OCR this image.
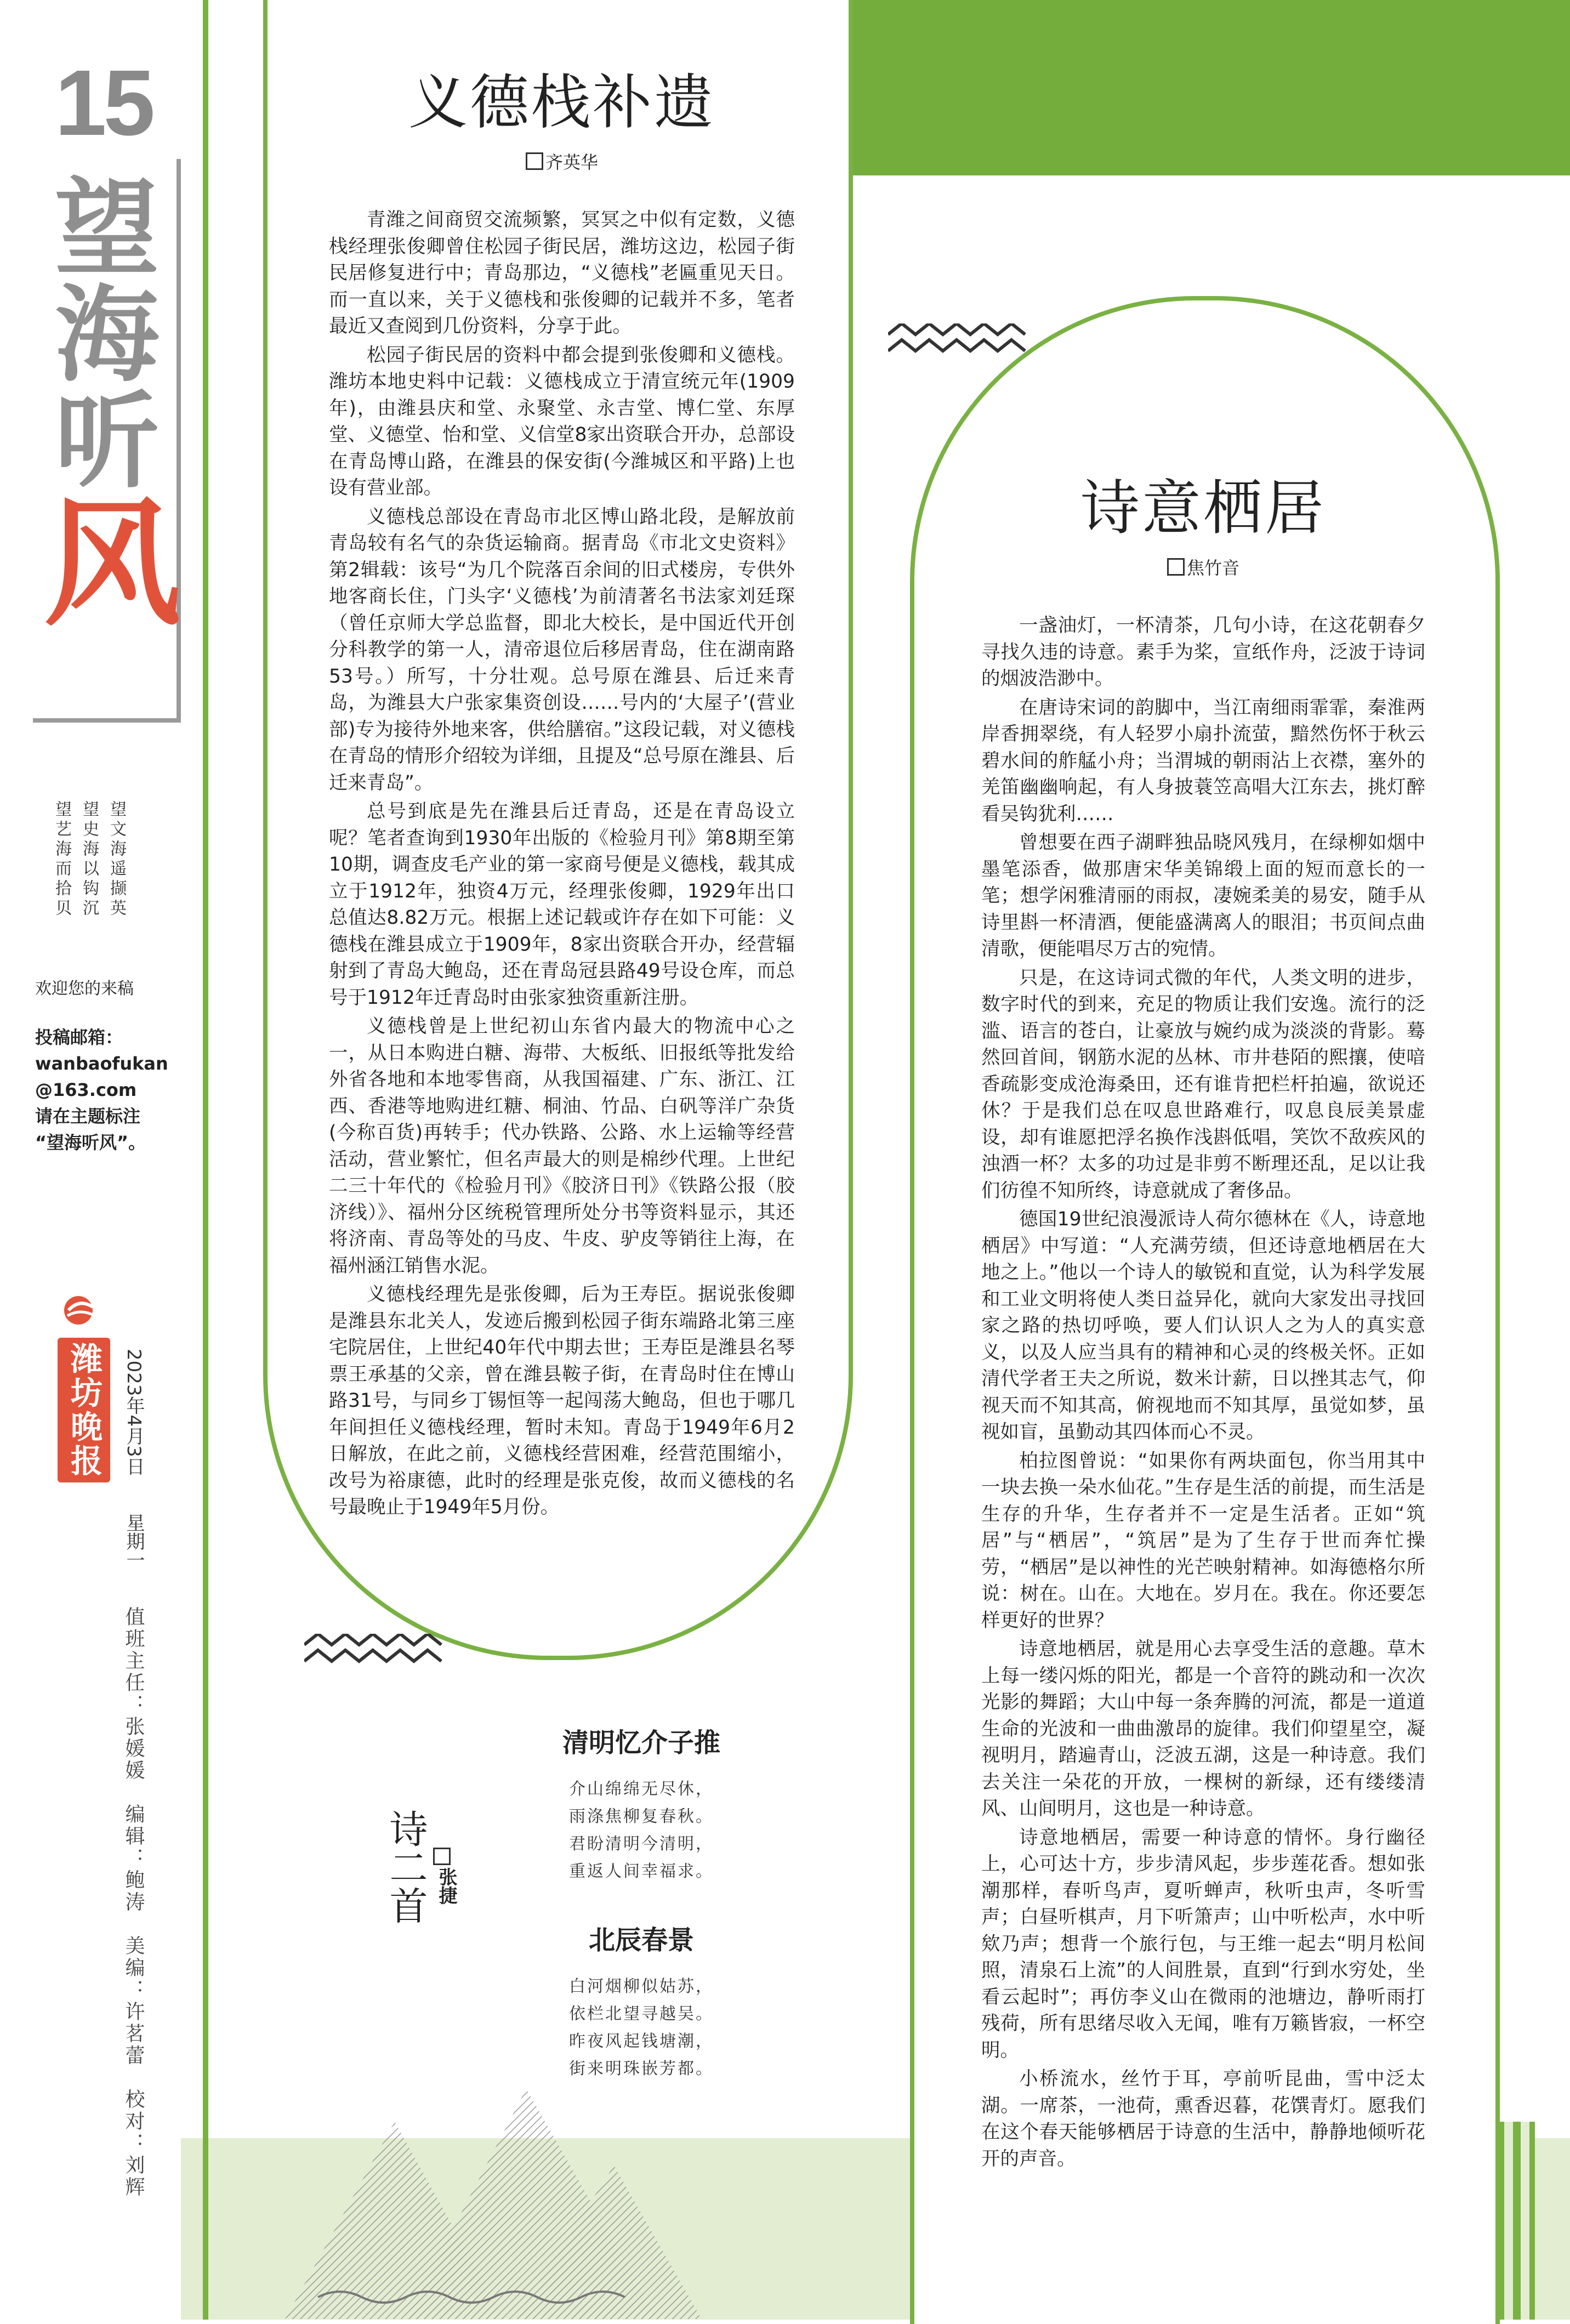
15
望
海
听
风
望文海遥撷英
望史海以钩沉
望艺海而拾贝
欢迎您的来稿
投稿邮箱：
wanbaofukan
@163.com
请在主题标注
“望海听风”。
潍坊晚报	2023年4月3日
星期一
值班主任：张媛媛　编辑：鲍涛　美编：许茗蕾　校对：刘辉
义德栈补遗
齐英华

青潍之间商贸交流频繁，冥冥之中似有定数，义德栈经理张俊卿曾住松园子街民居，潍坊这边，松园子街民居修复进行中；青岛那边，“义德栈”老匾重见天日。而一直以来，关于义德栈和张俊卿的记载并不多，笔者最近又查阅到几份资料，分享于此。

松园子街民居的资料中都会提到张俊卿和义德栈。潍坊本地史料中记载：义德栈成立于清宣统元年(1909年)，由潍县庆和堂、永聚堂、永吉堂、博仁堂、东厚堂、义德堂、怡和堂、义信堂8家出资联合开办，总部设在青岛博山路，在潍县的保安街(今潍城区和平路)上也设有营业部。

义德栈总部设在青岛市北区博山路北段，是解放前青岛较有名气的杂货运输商。据青岛《市北文史资料》第2辑载：该号“为几个院落百余间的旧式楼房，专供外地客商长住，门头字‘义德栈’为前清著名书法家刘廷琛（曾任京师大学总监督，即北大校长，是中国近代开创分科教学的第一人，清帝退位后移居青岛，住在湖南路53号。）所写，十分壮观。总号原在潍县、后迁来青岛，为潍县大户张家集资创设……号内的‘大屋子’(营业部)专为接待外地来客，供给膳宿。”这段记载，对义德栈在青岛的情形介绍较为详细，且提及“总号原在潍县、后迁来青岛”。

总号到底是先在潍县后迁青岛，还是在青岛设立呢？笔者查询到1930年出版的《检验月刊》第8期至第10期，调查皮毛产业的第一家商号便是义德栈，载其成立于1912年，独资4万元，经理张俊卿，1929年出口总值达8.82万元。根据上述记载或许存在如下可能：义德栈在潍县成立于1909年，8家出资联合开办，经营辐射到了青岛大鲍岛，还在青岛冠县路49号设仓库，而总号于1912年迁青岛时由张家独资重新注册。

义德栈曾是上世纪初山东省内最大的物流中心之一，从日本购进白糖、海带、大板纸、旧报纸等批发给外省各地和本地零售商，从我国福建、广东、浙江、江西、香港等地购进红糖、桐油、竹品、白矾等洋广杂货(今称百货)再转手；代办铁路、公路、水上运输等经营活动，营业繁忙，但名声最大的则是棉纱代理。上世纪二三十年代的《检验月刊》《胶济日刊》《铁路公报（胶济线）》、福州分区统税管理所处分书等资料显示，其还将济南、青岛等处的马皮、牛皮、驴皮等销往上海，在福州涵江销售水泥。

义德栈经理先是张俊卿，后为王寿臣。据说张俊卿是潍县东北关人，发迹后搬到松园子街东端路北第三座宅院居住，上世纪40年代中期去世；王寿臣是潍县名琴票王承基的父亲，曾在潍县鞍子街，在青岛时住在博山路31号，与同乡丁锡恒等一起闯荡大鲍岛，但也于哪几年间担任义德栈经理，暂时未知。青岛于1949年6月2日解放，在此之前，义德栈经营困难，经营范围缩小，改号为裕康德，此时的经理是张克俊，故而义德栈的名号最晚止于1949年5月份。

诗二首 张捷
清明忆介子推
介山绵绵无尽休，
雨涤焦柳复春秋。
君盼清明今清明，
重返人间幸福求。
北辰春景
白河烟柳似姑苏，
依栏北望寻越吴。
昨夜风起钱塘潮，
街来明珠嵌芳都。
诗意栖居
焦竹音

一盏油灯，一杯清茶，几句小诗，在这花朝春夕寻找久违的诗意。素手为桨，宣纸作舟，泛波于诗词的烟波浩渺中。

在唐诗宋词的韵脚中，当江南细雨霏霏，秦淮两岸香拥翠绕，有人轻罗小扇扑流萤，黯然伤怀于秋云碧水间的舴艋小舟；当渭城的朝雨沾上衣襟，塞外的羌笛幽幽响起，有人身披蓑笠高唱大江东去，挑灯醉看吴钩犹利……

曾想要在西子湖畔独品晓风残月，在绿柳如烟中墨笔添香，做那唐宋华美锦缎上面的短而意长的一笔；想学闲雅清丽的雨叔，凄婉柔美的易安，随手从诗里斟一杯清酒，便能盛满离人的眼泪；书页间点曲清歌，便能唱尽万古的宛情。

只是，在这诗词式微的年代，人类文明的进步，数字时代的到来，充足的物质让我们安逸。流行的泛滥、语言的苍白，让豪放与婉约成为淡淡的背影。蓦然回首间，钢筋水泥的丛林、市井巷陌的熙攘，使喑香疏影变成沧海桑田，还有谁肯把栏杆拍遍，欲说还休？于是我们总在叹息世路难行，叹息良辰美景虚设，却有谁愿把浮名换作浅斟低唱，笑饮不敌疾风的浊酒一杯？太多的功过是非剪不断理还乱，足以让我们彷徨不知所终，诗意就成了奢侈品。

德国19世纪浪漫派诗人荷尔德林在《人，诗意地栖居》中写道：“人充满劳绩，但还诗意地栖居在大地之上。”他以一个诗人的敏锐和直觉，认为科学发展和工业文明将使人类日益异化，就向大家发出寻找回家之路的热切呼唤，要人们认识人之为人的真实意义，以及人应当具有的精神和心灵的终极关怀。正如清代学者王夫之所说，数米计薪，日以挫其志气，仰视天而不知其高，俯视地而不知其厚，虽觉如梦，虽视如盲，虽勤动其四体而心不灵。

柏拉图曾说：“如果你有两块面包，你当用其中一块去换一朵水仙花。”生存是生活的前提，而生活是生存的升华，生存者并不一定是生活者。正如“筑居”与“栖居”，“筑居”是为了生存于世而奔忙操劳，“栖居”是以神性的光芒映射精神。如海德格尔所说：树在。山在。大地在。岁月在。我在。你还要怎样更好的世界？

诗意地栖居，就是用心去享受生活的意趣。草木上每一缕闪烁的阳光，都是一个音符的跳动和一次次光影的舞蹈；大山中每一条奔腾的河流，都是一道道生命的光波和一曲曲激昂的旋律。我们仰望星空，凝视明月，踏遍青山，泛波五湖，这是一种诗意。我们去关注一朵花的开放，一棵树的新绿，还有缕缕清风、山间明月，这也是一种诗意。

诗意地栖居，需要一种诗意的情怀。身行幽径上，心可达十方，步步清风起，步步莲花香。想如张潮那样，春听鸟声，夏听蝉声，秋听虫声，冬听雪声；白昼听棋声，月下听箫声；山中听松声，水中听欸乃声；想背一个旅行包，与王维一起去“明月松间照，清泉石上流”的人间胜景，直到“行到水穷处，坐看云起时”；再仿李义山在微雨的池塘边，静听雨打残荷，所有思绪尽收入无闻，唯有万籁皆寂，一杯空明。

小桥流水，丝竹于耳，亭前听昆曲，雪中泛太湖。一席茶，一池荷，熏香迟暮，花馔青灯。愿我们在这个春天能够栖居于诗意的生活中，静静地倾听花开的声音。
